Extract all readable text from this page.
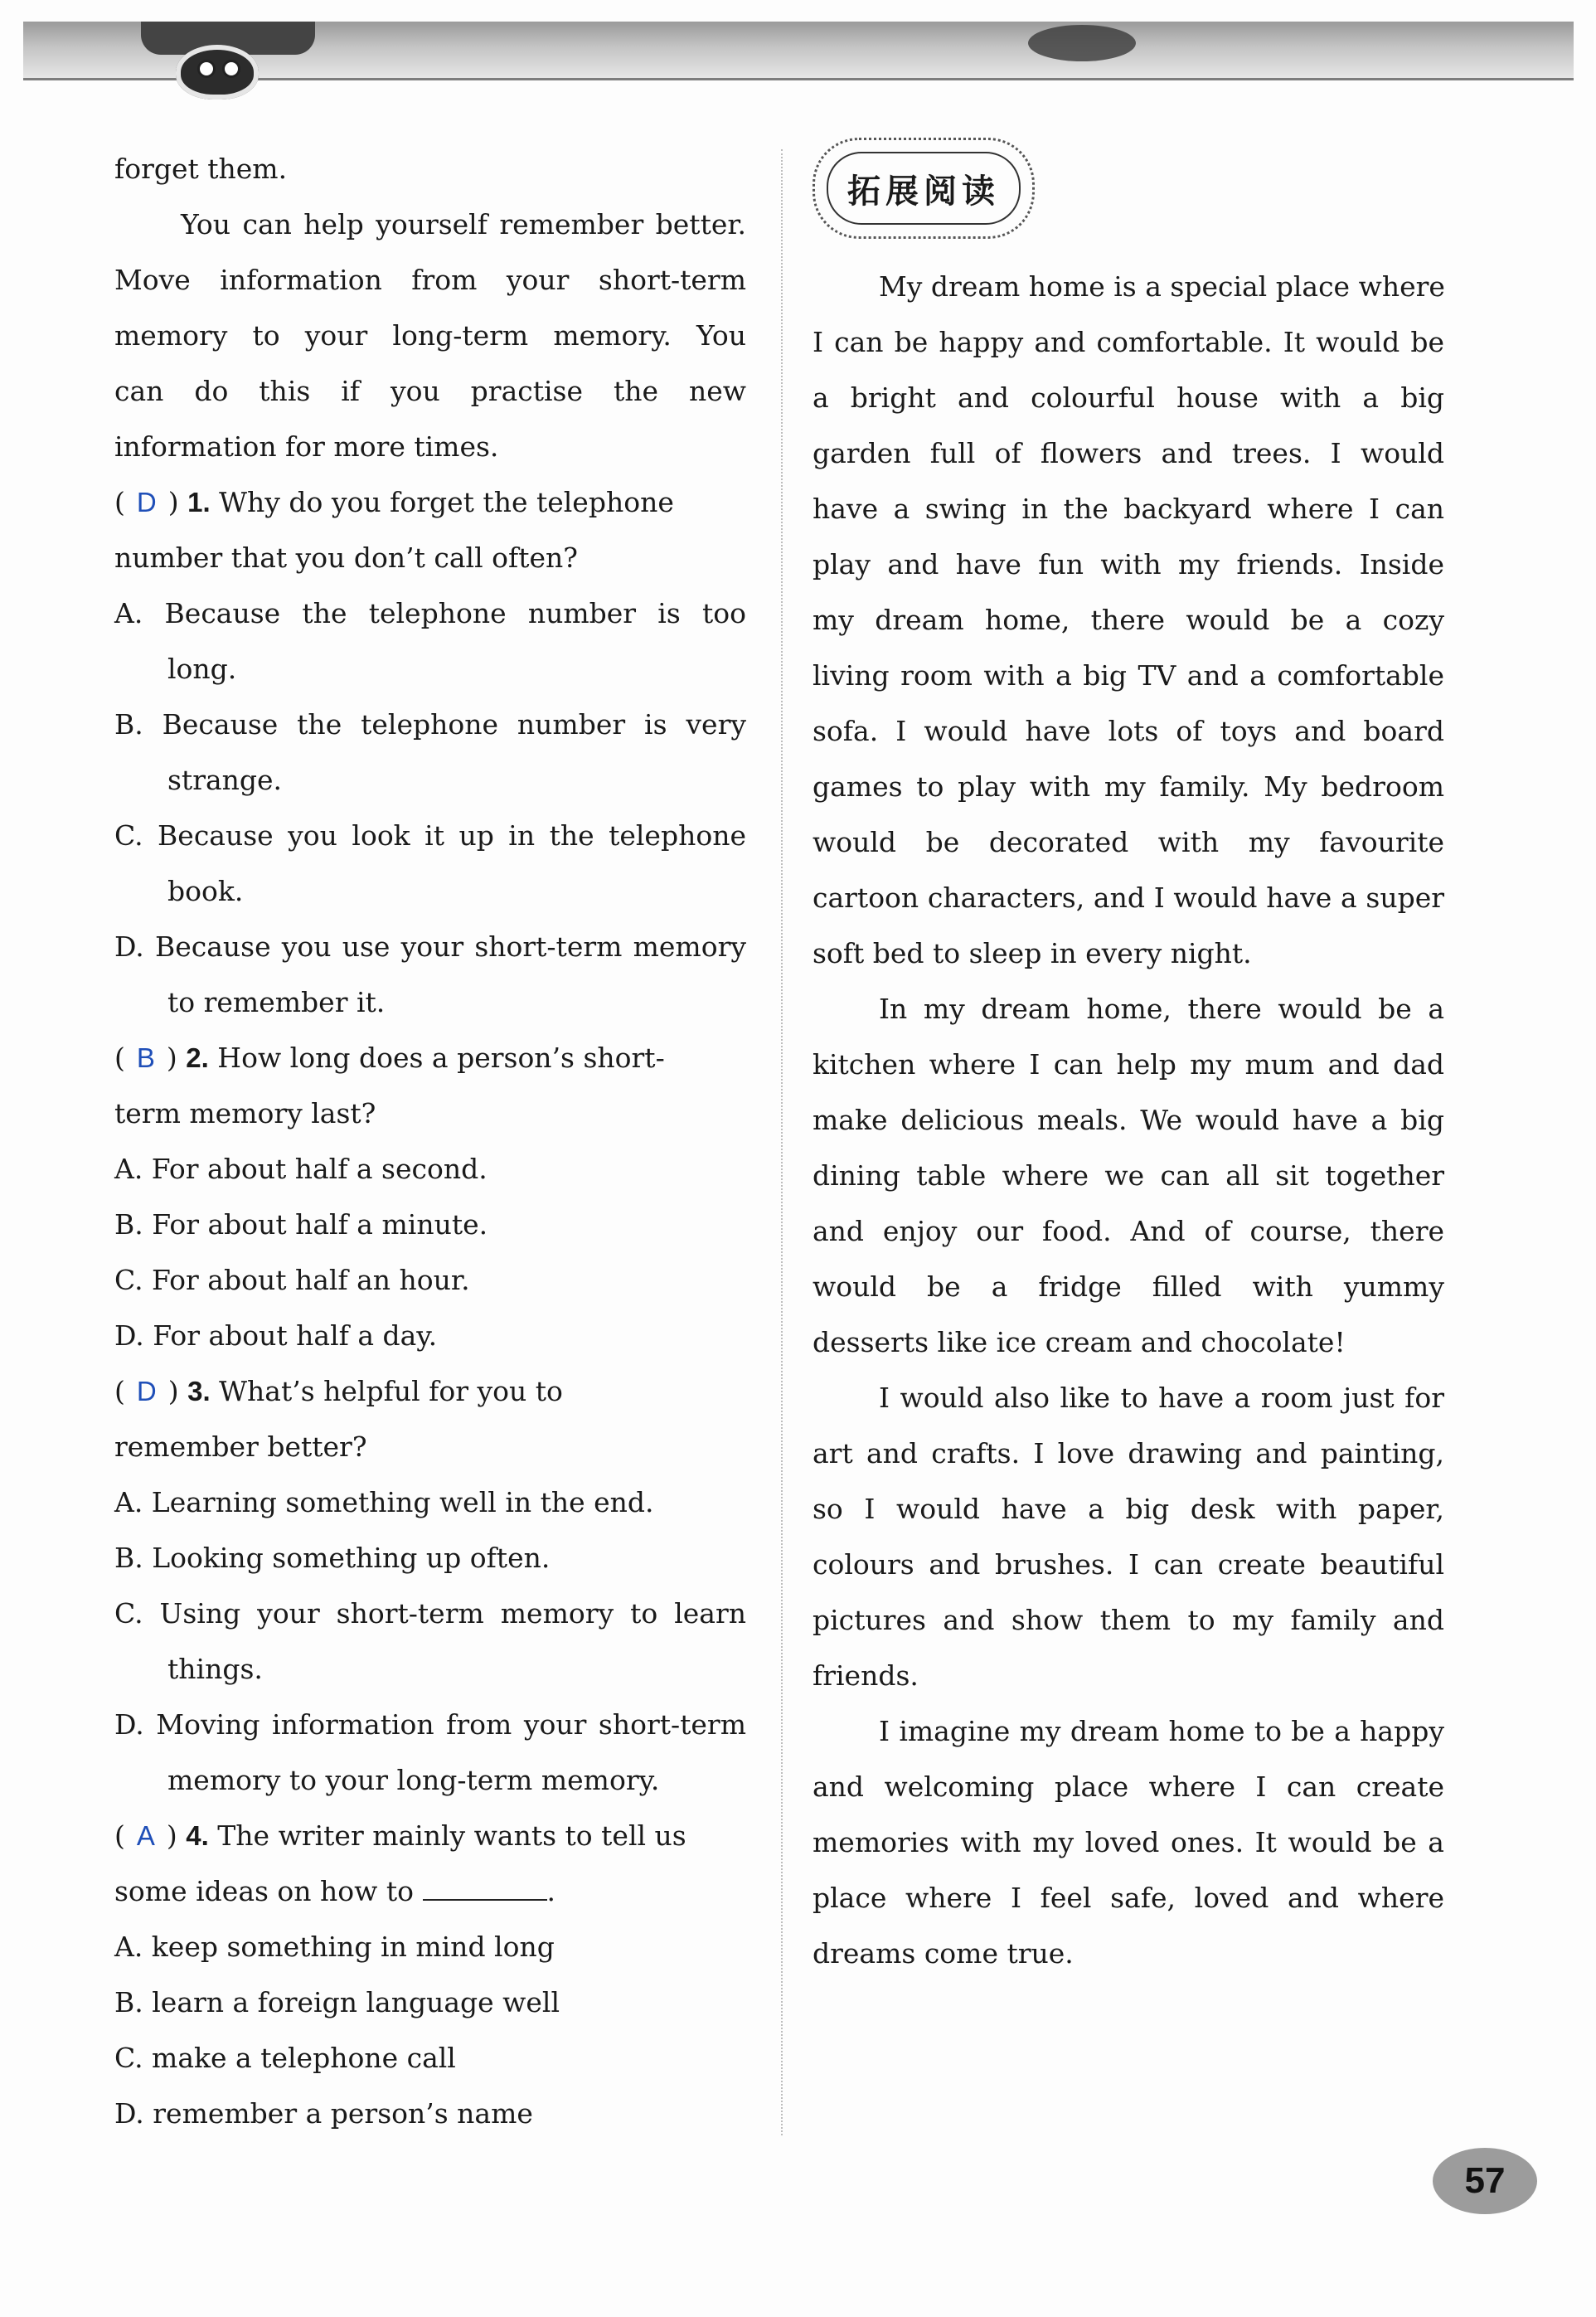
forget them.
You can help yourself remember better.
Move information from your short-term
memory to your long-term memory. You
can do this if you practise the new
information for more times.
( D ) 1. Why do you forget the telephone
number that you don’t call often?
A. Because the telephone number is too
long.
B. Because the telephone number is very
strange.
C. Because you look it up in the telephone
book.
D. Because you use your short-term memory
to remember it.
( B ) 2. How long does a person’s short-
term memory last?
A. For about half a second.
B. For about half a minute.
C. For about half an hour.
D. For about half a day.
( D ) 3. What’s helpful for you to
remember better?
A. Learning something well in the end.
B. Looking something up often.
C. Using your short-term memory to learn
things.
D. Moving information from your short-term
memory to your long-term memory.
( A ) 4. The writer mainly wants to tell us
some ideas on how to	.
A. keep something in mind long
B. learn a foreign language well
C. make a telephone call
D. remember a person’s name
拓展阅读
My dream home is a special place where
I can be happy and comfortable. It would be
a bright and colourful house with a big
garden full of flowers and trees. I would
have a swing in the backyard where I can
play and have fun with my friends. Inside
my dream home, there would be a cozy
living room with a big TV and a comfortable
sofa. I would have lots of toys and board
games to play with my family. My bedroom
would be decorated with my favourite
cartoon characters, and I would have a super
soft bed to sleep in every night.
In my dream home, there would be a
kitchen where I can help my mum and dad
make delicious meals. We would have a big
dining table where we can all sit together
and enjoy our food. And of course, there
would be a fridge filled with yummy
desserts like ice cream and chocolate!
I would also like to have a room just for
art and crafts. I love drawing and painting,
so I would have a big desk with paper,
colours and brushes. I can create beautiful
pictures and show them to my family and
friends.
I imagine my dream home to be a happy
and welcoming place where I can create
memories with my loved ones. It would be a
place where I feel safe, loved and where
dreams come true.
57
